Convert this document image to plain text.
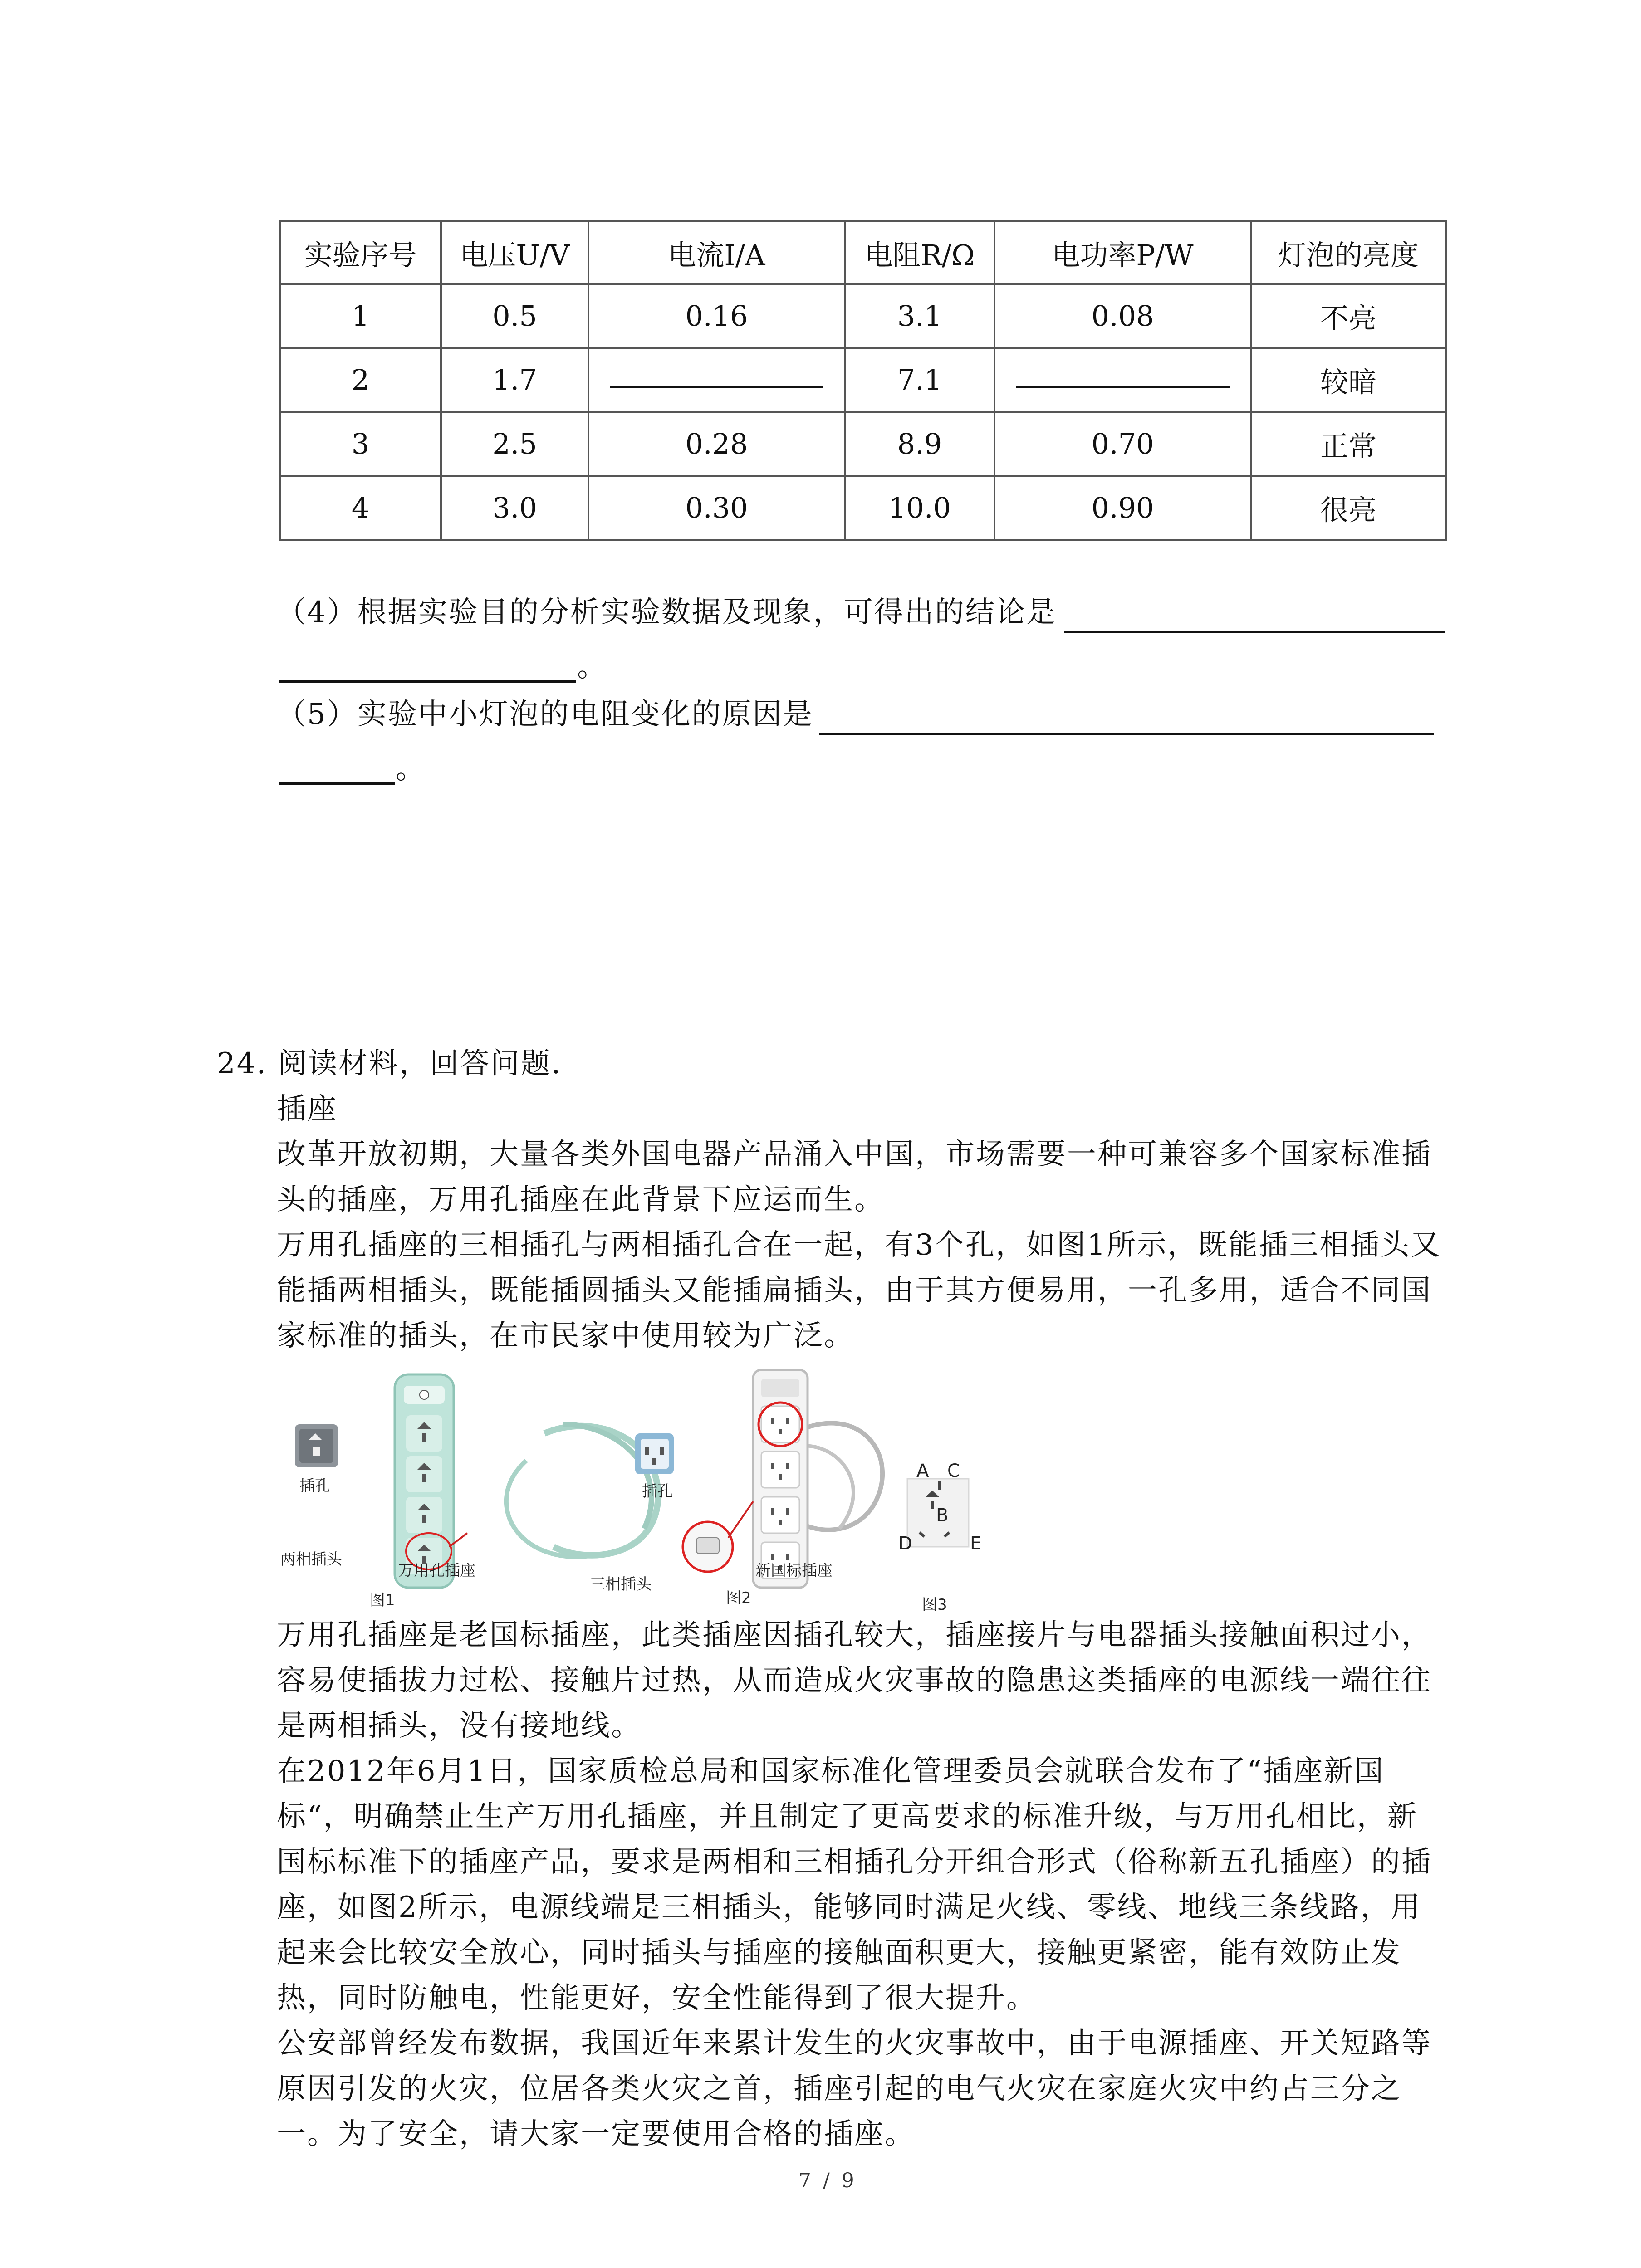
实验序号	电压U/V	电流I/A	电阻R/Ω	电功率P/W	灯泡的亮度
1	0.5	0.16	3.1	0.08	不亮
2	1.7		7.1		较暗
3	2.5	0.28	8.9	0.70	正常
4	3.0	0.30	10.0	0.90	很亮
（4）根据实验目的分析实验数据及现象，可得出的结论是
。
（5）实验中小灯泡的电阻变化的原因是
。
24. 阅读材料，回答问题.
插座
改革开放初期，大量各类外国电器产品涌入中国，市场需要一种可兼容多个国家标准插
头的插座，万用孔插座在此背景下应运而生。
万用孔插座的三相插孔与两相插孔合在一起，有3个孔，如图1所示，既能插三相插头又
能插两相插头，既能插圆插头又能插扁插头，由于其方便易用，一孔多用，适合不同国
家标准的插头，在市民家中使用较为广泛。
插孔
两相插头
万用孔插座
图1
插孔
三相插头
新国标插座
图2
A C
B
D	E
图3
万用孔插座是老国标插座，此类插座因插孔较大，插座接片与电器插头接触面积过小，
容易使插拔力过松、接触片过热，从而造成火灾事故的隐患这类插座的电源线一端往往
是两相插头，没有接地线。
在2012年6月1日，国家质检总局和国家标准化管理委员会就联合发布了“插座新国
标“，明确禁止生产万用孔插座，并且制定了更高要求的标准升级，与万用孔相比，新
国标标准下的插座产品，要求是两相和三相插孔分开组合形式（俗称新五孔插座）的插
座，如图2所示，电源线端是三相插头，能够同时满足火线、零线、地线三条线路，用
起来会比较安全放心，同时插头与插座的接触面积更大，接触更紧密，能有效防止发
热，同时防触电，性能更好，安全性能得到了很大提升。
公安部曾经发布数据，我国近年来累计发生的火灾事故中，由于电源插座、开关短路等
原因引发的火灾，位居各类火灾之首，插座引起的电气火灾在家庭火灾中约占三分之
一。为了安全，请大家一定要使用合格的插座。
7 / 9
